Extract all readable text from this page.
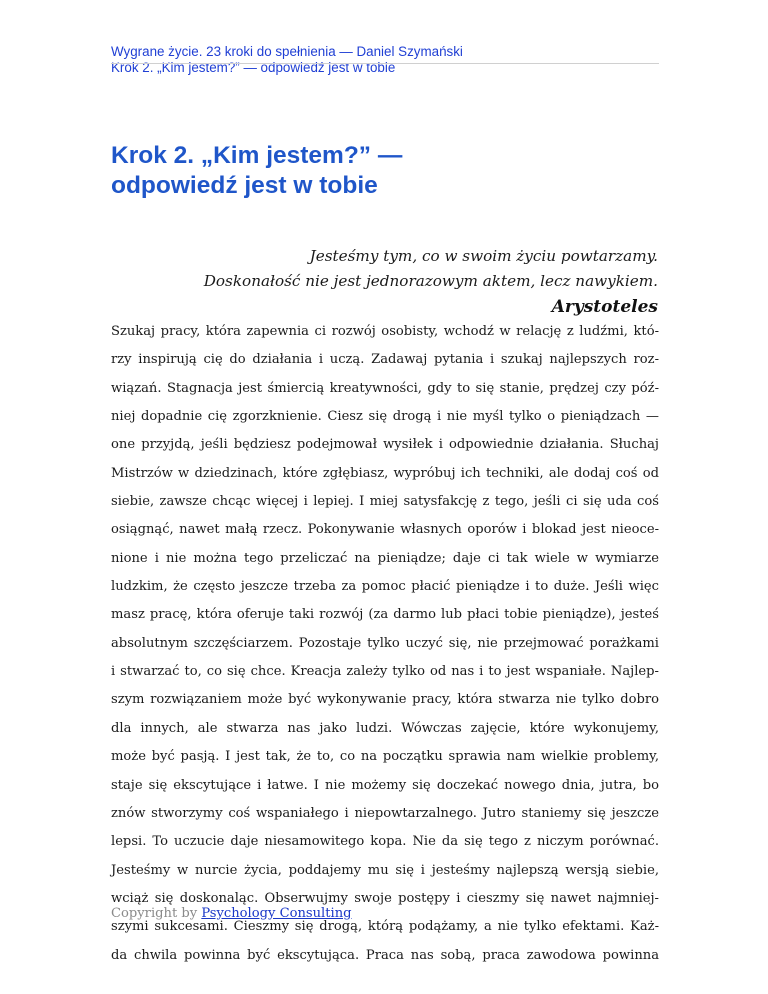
Wygrane życie. 23 kroki do spełnienia — Daniel Szymański
Krok 2. „Kim jestem?” — odpowiedź jest w tobie
Krok 2. „Kim jestem?” —
odpowiedź jest w tobie
Jesteśmy tym, co w swoim życiu powtarzamy.
Doskonałość nie jest jednorazowym aktem, lecz nawykiem.
Arystoteles
Szukaj pracy, która zapewnia ci rozwój osobisty, wchodź w relację z ludźmi, któ-
rzy inspirują cię do działania i uczą. Zadawaj pytania i szukaj najlepszych roz-
wiązań. Stagnacja jest śmiercią kreatywności, gdy to się stanie, prędzej czy póź-
niej dopadnie cię zgorzknienie. Ciesz się drogą i nie myśl tylko o pieniądzach —
one przyjdą, jeśli będziesz podejmował wysiłek i odpowiednie działania. Słuchaj
Mistrzów w dziedzinach, które zgłębiasz, wypróbuj ich techniki, ale dodaj coś od
siebie, zawsze chcąc więcej i lepiej. I miej satysfakcję z tego, jeśli ci się uda coś
osiągnąć, nawet małą rzecz. Pokonywanie własnych oporów i blokad jest nieoce-
nione i nie można tego przeliczać na pieniądze; daje ci tak wiele w wymiarze
ludzkim, że często jeszcze trzeba za pomoc płacić pieniądze i to duże. Jeśli więc
masz pracę, która oferuje taki rozwój (za darmo lub płaci tobie pieniądze), jesteś
absolutnym szczęściarzem. Pozostaje tylko uczyć się, nie przejmować porażkami
i stwarzać to, co się chce. Kreacja zależy tylko od nas i to jest wspaniałe. Najlep-
szym rozwiązaniem może być wykonywanie pracy, która stwarza nie tylko dobro
dla innych, ale stwarza nas jako ludzi. Wówczas zajęcie, które wykonujemy,
może być pasją. I jest tak, że to, co na początku sprawia nam wielkie problemy,
staje się ekscytujące i łatwe. I nie możemy się doczekać nowego dnia, jutra, bo
znów stworzymy coś wspaniałego i niepowtarzalnego. Jutro staniemy się jeszcze
lepsi. To uczucie daje niesamowitego kopa. Nie da się tego z niczym porównać.
Jesteśmy w nurcie życia, poddajemy mu się i jesteśmy najlepszą wersją siebie,
wciąż się doskonaląc. Obserwujmy swoje postępy i cieszmy się nawet najmniej-
szymi sukcesami. Cieszmy się drogą, którą podążamy, a nie tylko efektami. Każ-
da chwila powinna być ekscytująca. Praca nas sobą, praca zawodowa powinna
Copyright by Psychology Consulting
